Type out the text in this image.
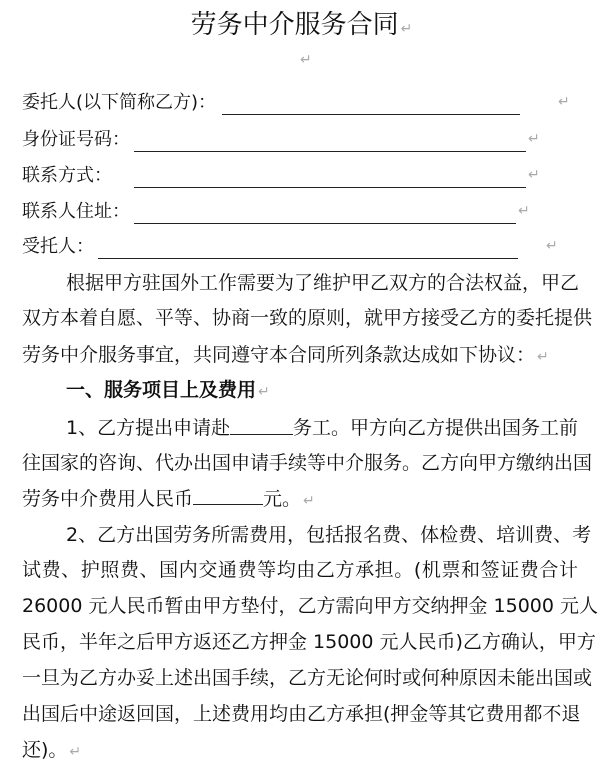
劳务中介服务合同 ↵
↵
委托人(以下简称乙方)：	↵
身份证号码：	↵
联系方式：	↵
联系人住址：	↵
受托人：	↵
根据甲方驻国外工作需要为了维护甲乙双方的合法权益，甲乙
双方本着自愿、平等、协商一致的原则，就甲方接受乙方的委托提供
劳务中介服务事宜，共同遵守本合同所列条款达成如下协议： ↵
一、服务项目上及费用 ↵
1、乙方提出申请赴	务工。甲方向乙方提供出国务工前
往国家的咨询、代办出国申请手续等中介服务。乙方向甲方缴纳出国
劳务中介费用人民币	元。 ↵
2、乙方出国劳务所需费用，包括报名费、体检费、培训费、考
试费、护照费、国内交通费等均由乙方承担。(机票和签证费合计
26000 元人民币暂由甲方垫付，乙方需向甲方交纳押金 15000 元人
民币，半年之后甲方返还乙方押金 15000 元人民币)乙方确认，甲方
一旦为乙方办妥上述出国手续，乙方无论何时或何种原因未能出国或
出国后中途返回国，上述费用均由乙方承担(押金等其它费用都不退
还)。 ↵
